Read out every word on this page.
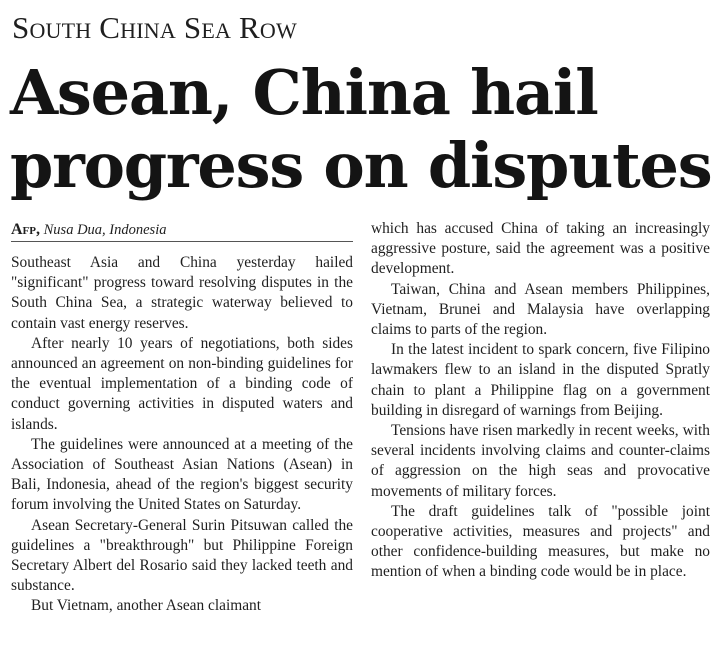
South China Sea Row
Asean, China hail
progress on disputes
Afp, Nusa Dua, Indonesia

Southeast Asia and China yesterday hailed "significant" progress toward resolving disputes in the South China Sea, a strategic waterway believed to contain vast energy reserves.

After nearly 10 years of negotiations, both sides announced an agreement on non-binding guidelines for the eventual implementation of a binding code of conduct governing activities in disputed waters and islands.

The guidelines were announced at a meeting of the Association of Southeast Asian Nations (Asean) in Bali, Indonesia, ahead of the region's biggest security forum involving the United States on Saturday.

Asean Secretary-General Surin Pitsuwan called the guidelines a "breakthrough" but Philippine Foreign Secretary Albert del Rosario said they lacked teeth and substance.

But Vietnam, another Asean claimant

which has accused China of taking an increasingly aggressive posture, said the agreement was a positive development.

Taiwan, China and Asean members Philippines, Vietnam, Brunei and Malaysia have overlapping claims to parts of the region.

In the latest incident to spark concern, five Filipino lawmakers flew to an island in the disputed Spratly chain to plant a Philippine flag on a government building in disregard of warnings from Beijing.

Tensions have risen markedly in recent weeks, with several incidents involving claims and counter-claims of aggression on the high seas and provocative movements of military forces.

The draft guidelines talk of "possible joint cooperative activities, measures and projects" and other confidence-building measures, but make no mention of when a binding code would be in place.
